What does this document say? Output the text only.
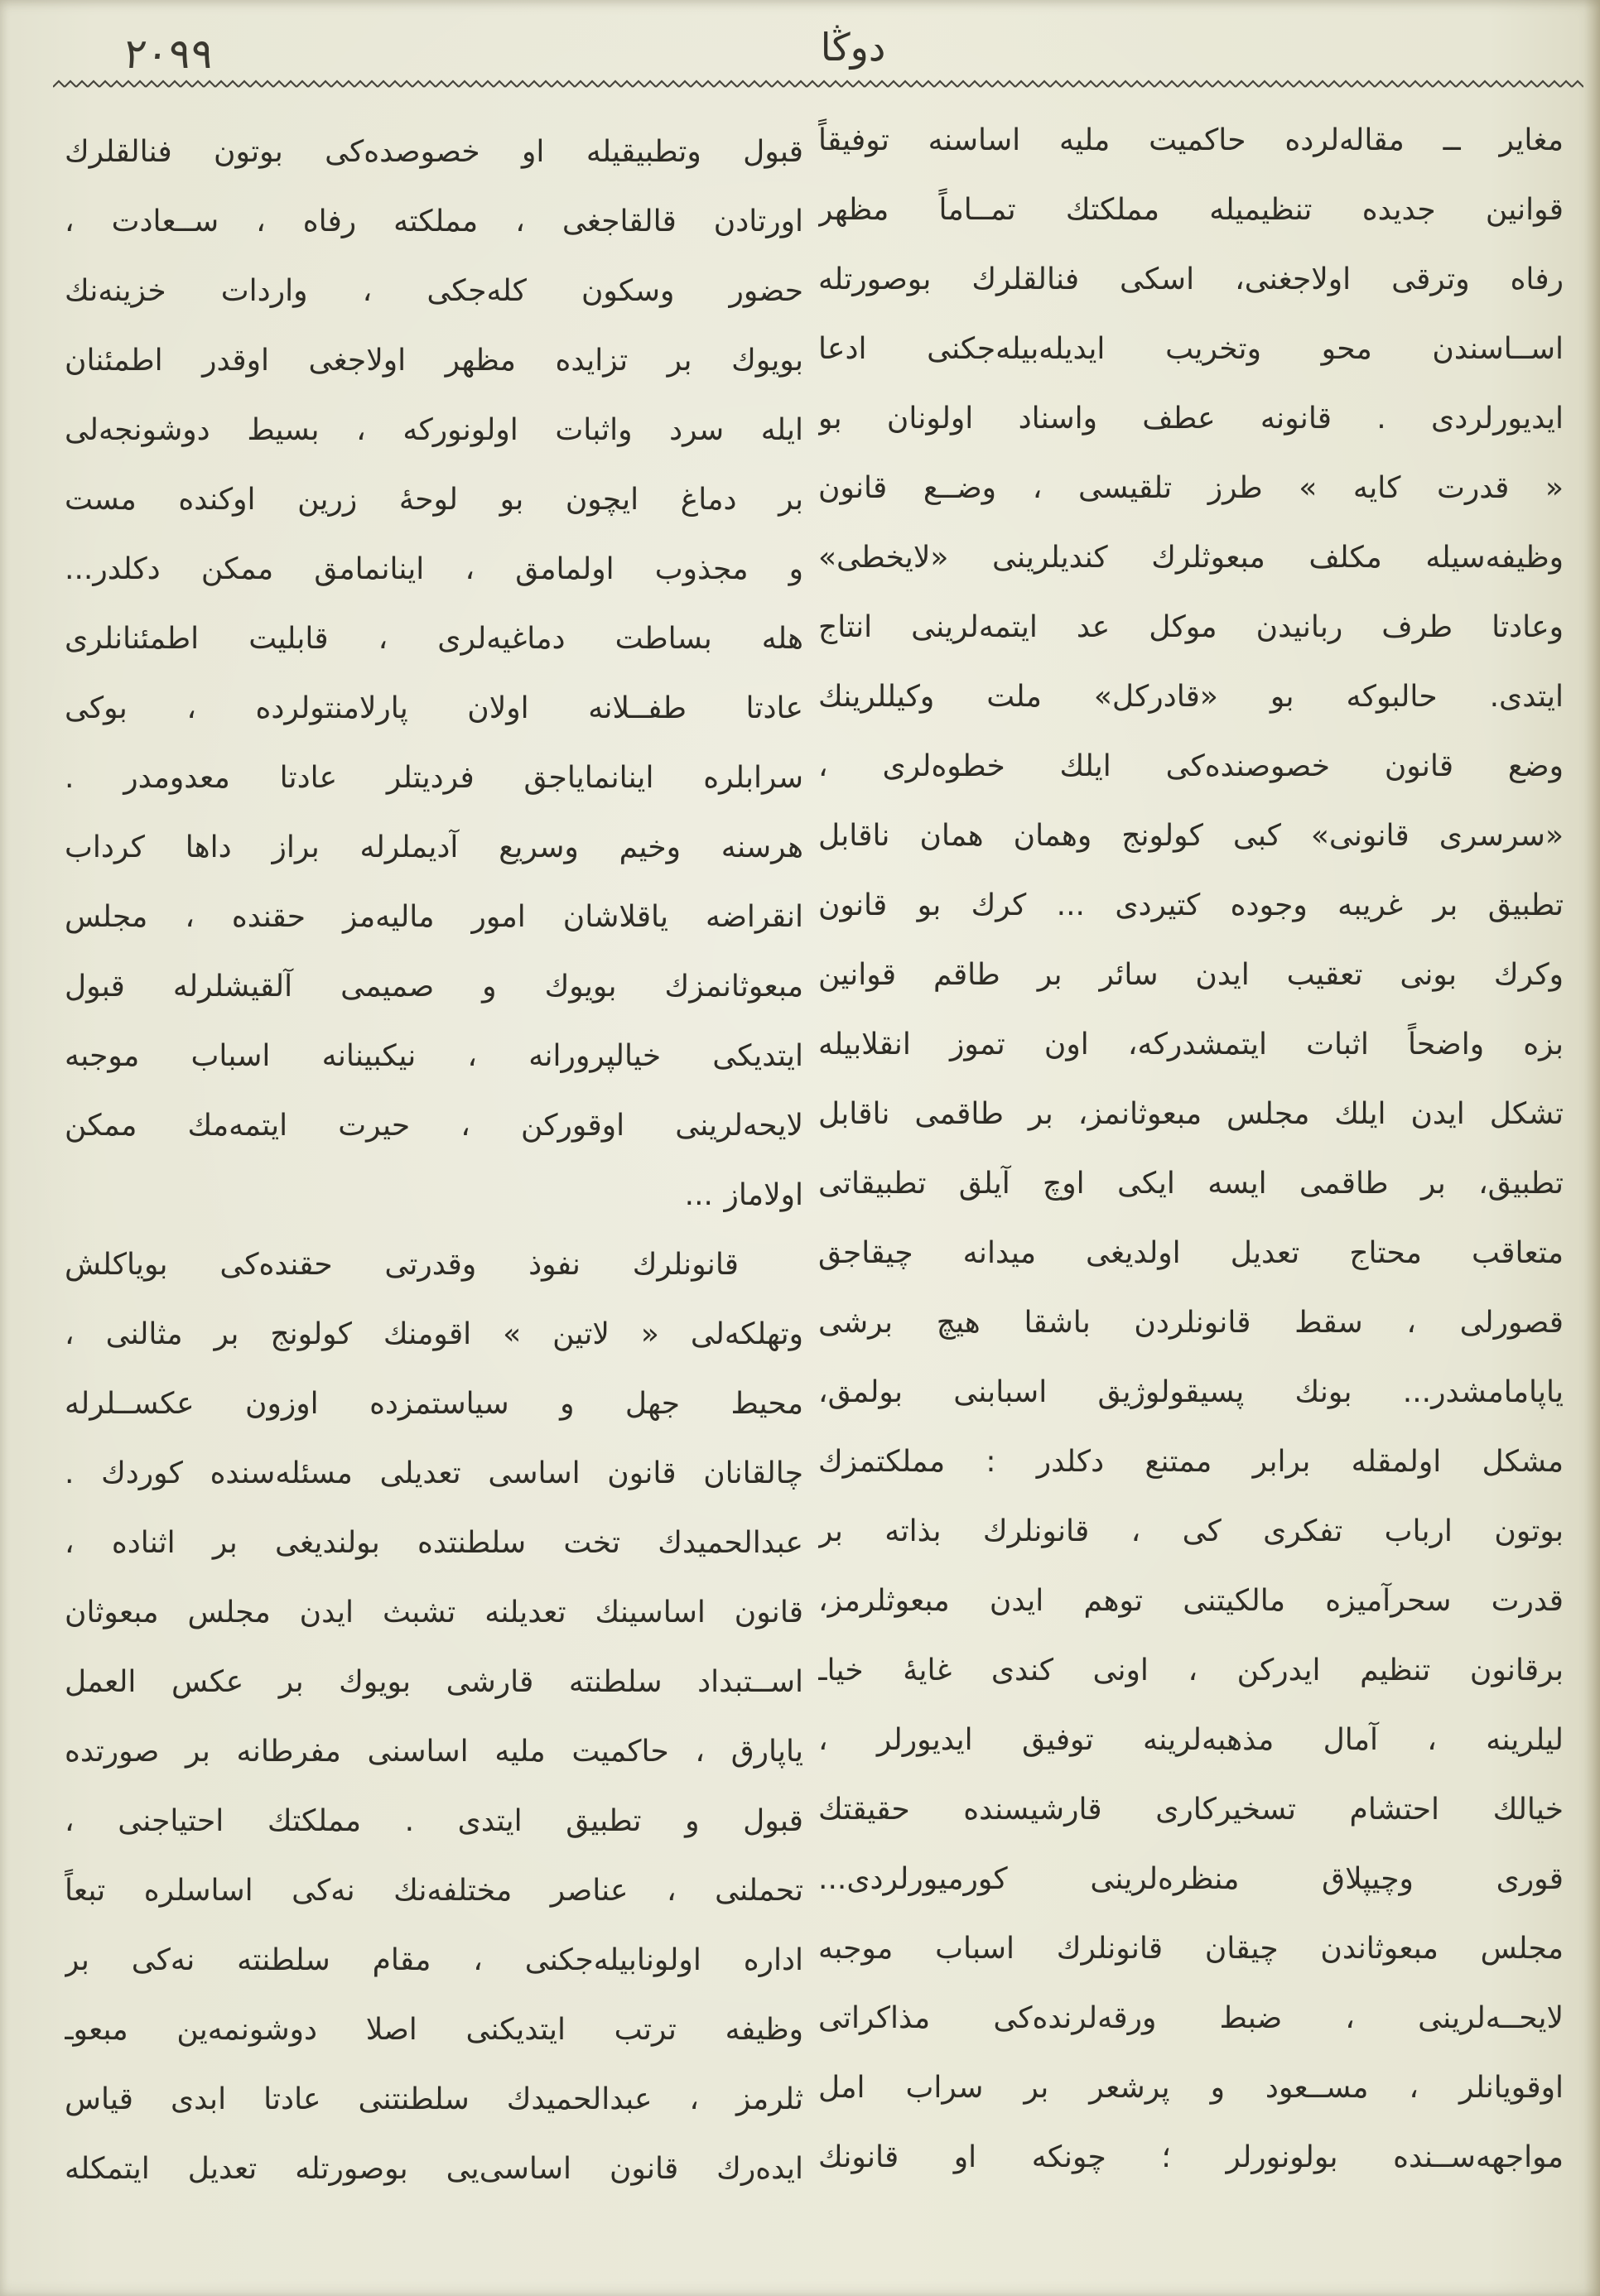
٢٠٩٩	دوڭا
مغاير ــ مقاله‌لرده حاكميت مليه اساسنه توفيقاً
قوانين جديده تنظيميله مملكتك تمــاماً مظهر
رفاه وترقى اولاجغنى، اسكى فنالقلرك بوصورتله
اســاسندن محو وتخريب ايديله‌بيله‌جكنى ادعا
ايديورلردى . قانونه عطف واسناد اولونان بو
« قدرت كايه » طرز تلقيسى ، وضــع قانون
وظيفه‌سيله مكلف مبعوثلرك كنديلرينى «لايخطى»
وعادتا طرف ربانيدن موكل عد ايتمه‌لرينى انتاج
ايتدى. حالبوكه بو «قادركل» ملت وكيللرينك
وضع قانون خصوصنده‌كى ايلك خطوه‌لرى ،
«سرسرى قانونى» كبى كولونج وهمان همان ناقابل
تطبيق بر غريبه وجوده كتيردى ... كرك بو قانون
وكرك بونى تعقيب ايدن سائر بر طاقم قوانين
بزه واضحاً اثبات ايتمشدركه، اون تموز انقلابيله
تشكل ايدن ايلك مجلس مبعوثانمز، بر طاقمى ناقابل
تطبيق، بر طاقمى ايسه ايكى اوچ آيلق تطبيقاتى
متعاقب محتاج تعديل اولديغى ميدانه چيقاجق
قصورلى ، سقط قانونلردن باشقا هيچ برشى
ياپامامشدر... بونك پسيقولوژيق اسبابنى بولمق،
مشكل اولمقله برابر ممتنع دكلدر : مملكتمزك
بوتون ارباب تفكرى كى ، قانونلرك بذاته بر
قدرت سحرآميزه مالكيتنى توهم ايدن مبعوثلرمز،
برقانون تنظيم ايدركن ، اونى كندى غايهٔ خياـ
ليلرينه ، آمال مذهبه‌لرينه توفيق ايديورلر ،
خيالك احتشام تسخيركارى قارشيسنده حقيقتك
قورى وچيپلاق منظره‌لرينى كورميورلردى...
مجلس مبعوثاندن چيقان قانونلرك اسباب موجبه
لايحــه‌لرينى ، ضبط ورقه‌لرنده‌كى مذاكراتى
اوقويانلر ، مســعود و پرشعر بر سراب امل
مواجهه‌ســنده بولونورلر ؛ چونكه او قانونك
قبول وتطبيقيله او خصوصده‌كى بوتون فنالقلرك
اورتادن قالقاجغى ، مملكته رفاه ، ســعادت ،
حضور وسكون كله‌جكى ، واردات خزينه‌نك
بويوك بر تزايده مظهر اولاجغى اوقدر اطمئنان
ايله سرد واثبات اولونوركه ، بسيط دوشونجه‌لى
بر دماغ ايچون بو لوحهٔ زرين اوكنده مست
و مجذوب اولمامق ، اينانمامق ممكن دكلدر...
هله بساطت دماغيه‌لرى ، قابليت اطمئنانلرى
عادتا طفــلانه اولان پارلامنتولرده ، بوكى
سرابلره اينانماياجق فرديتلر عادتا معدومدر .
هرسنه وخيم وسريع آديملرله براز داها كرداب
انقراضه ياقلاشان امور ماليه‌مز حقنده ، مجلس
مبعوثانمزك بويوك و صميمى آلقيشلرله قبول
ايتديكى خيالپرورانه ، نيكبينانه اسباب موجبه
لايحه‌لرينى اوقوركن ، حيرت ايتمه‌مك ممكن
اولاماز ...
قانونلرك نفوذ وقدرتى حقنده‌كى بوياكلش
وتهلكه‌لى « لاتين » اقومنك كولونج بر مثالنى ،
محيط جهل و سياستمزده اوزون عكســلرله
چالقانان قانون اساسى تعديلى مسئله‌سنده كوردك .
عبدالحميدك تخت سلطنتده بولنديغى بر اثناده ،
قانون اساسينك تعديلنه تشبث ايدن مجلس مبعوثان
اســتبداد سلطنته قارشى بويوك بر عكس العمل
ياپارق ، حاكميت مليه اساسنى مفرطانه بر صورتده
قبول و تطبيق ايتدى . مملكتك احتياجنى ،
تحملنى ، عناصر مختلفه‌نك نه‌كى اساسلره تبعاً
اداره اولونابيله‌جكنى ، مقام سلطنته نه‌كى بر
وظيفه ترتب ايتديكنى اصلا دوشونمه‌ين مبعوـ
ثلرمز ، عبدالحميدك سلطنتنى عادتا ابدى قياس
ايده‌رك قانون اساسى‌يى بوصورتله تعديل ايتمكله
